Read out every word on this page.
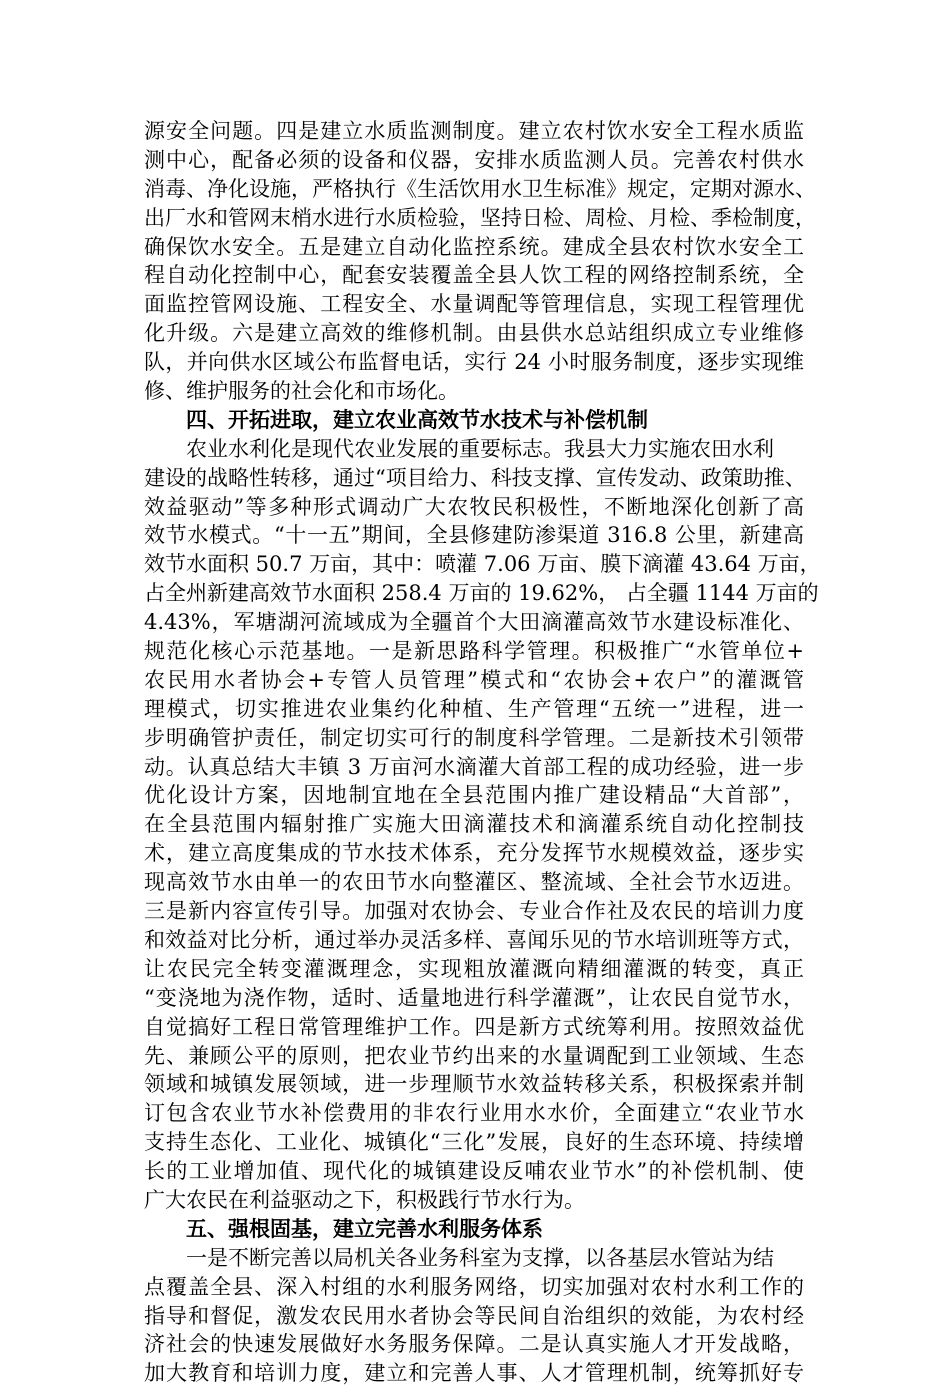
源安全问题。四是建立水质监测制度。建立农村饮水安全工程水质监
测中心，配备必须的设备和仪器，安排水质监测人员。完善农村供水
消毒、净化设施，严格执行《生活饮用水卫生标准》规定，定期对源水、
出厂水和管网末梢水进行水质检验，坚持日检、周检、月检、季检制度，
确保饮水安全。五是建立自动化监控系统。建成全县农村饮水安全工
程自动化控制中心，配套安装覆盖全县人饮工程的网络控制系统，全
面监控管网设施、工程安全、水量调配等管理信息，实现工程管理优
化升级。六是建立高效的维修机制。由县供水总站组织成立专业维修
队，并向供水区域公布监督电话，实行 24 小时服务制度，逐步实现维
修、维护服务的社会化和市场化。
四、开拓进取，建立农业高效节水技术与补偿机制
农业水利化是现代农业发展的重要标志。我县大力实施农田水利
建设的战略性转移，通过“项目给力、科技支撑、宣传发动、政策助推、
效益驱动”等多种形式调动广大农牧民积极性，不断地深化创新了高
效节水模式。“十一五”期间，全县修建防渗渠道 316.8 公里，新建高
效节水面积 50.7 万亩，其中：喷灌 7.06 万亩、膜下滴灌 43.64 万亩，
占全州新建高效节水面积 258.4 万亩的 19.62%， 占全疆 1144 万亩的
4.43%，军塘湖河流域成为全疆首个大田滴灌高效节水建设标准化、
规范化核心示范基地。一是新思路科学管理。积极推广“水管单位+
农民用水者协会+专管人员管理”模式和“农协会+农户”的灌溉管
理模式，切实推进农业集约化种植、生产管理“五统一”进程，进一
步明确管护责任，制定切实可行的制度科学管理。二是新技术引领带
动。认真总结大丰镇 3 万亩河水滴灌大首部工程的成功经验，进一步
优化设计方案，因地制宜地在全县范围内推广建设精品“大首部”，
在全县范围内辐射推广实施大田滴灌技术和滴灌系统自动化控制技
术，建立高度集成的节水技术体系，充分发挥节水规模效益，逐步实
现高效节水由单一的农田节水向整灌区、整流域、全社会节水迈进。
三是新内容宣传引导。加强对农协会、专业合作社及农民的培训力度
和效益对比分析，通过举办灵活多样、喜闻乐见的节水培训班等方式，
让农民完全转变灌溉理念，实现粗放灌溉向精细灌溉的转变，真正
“变浇地为浇作物，适时、适量地进行科学灌溉”，让农民自觉节水，
自觉搞好工程日常管理维护工作。四是新方式统筹利用。按照效益优
先、兼顾公平的原则，把农业节约出来的水量调配到工业领域、生态
领域和城镇发展领域，进一步理顺节水效益转移关系，积极探索并制
订包含农业节水补偿费用的非农行业用水水价，全面建立“农业节水
支持生态化、工业化、城镇化“三化”发展，良好的生态环境、持续增
长的工业增加值、现代化的城镇建设反哺农业节水”的补偿机制、使
广大农民在利益驱动之下，积极践行节水行为。
五、强根固基，建立完善水利服务体系
一是不断完善以局机关各业务科室为支撑，以各基层水管站为结
点覆盖全县、深入村组的水利服务网络，切实加强对农村水利工作的
指导和督促，激发农民用水者协会等民间自治组织的效能，为农村经
济社会的快速发展做好水务服务保障。二是认真实施人才开发战略，
加大教育和培训力度，建立和完善人事、人才管理机制，统筹抓好专
